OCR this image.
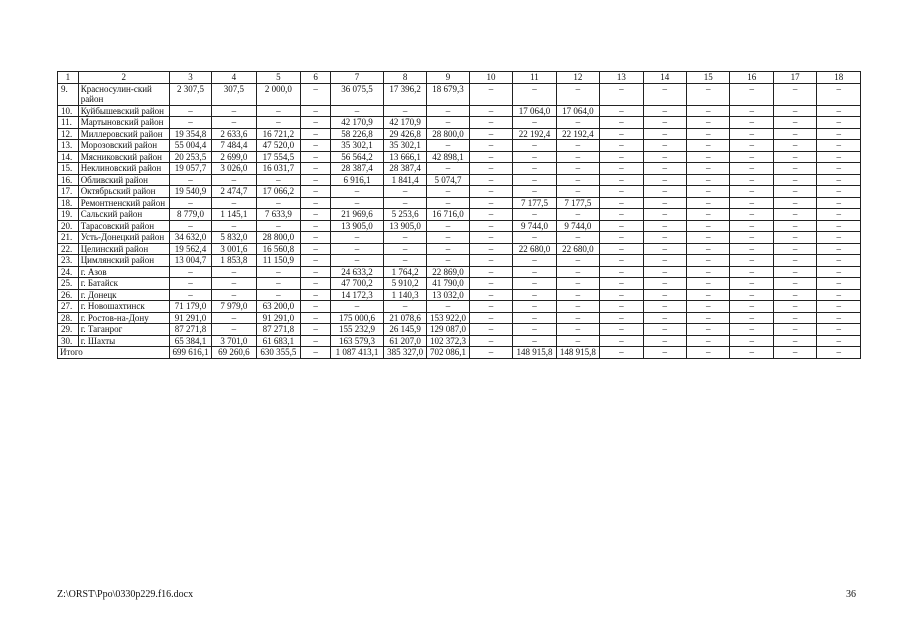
1	2	3	4	5	6	7	8	9	10	11	12	13	14	15	16	17	18
9.	Красносулин-ский район	2 307,5	307,5	2 000,0	–	36 075,5	17 396,2	18 679,3	–	–	–	–	–	–	–	–	–
10.	Куйбышевский район	–	–	–	–	–	–	–	–	17 064,0	17 064,0	–	–	–	–	–	–
11.	Мартыновский район	–	–	–	–	42 170,9	42 170,9	–	–	–	–	–	–	–	–	–	–
12.	Миллеровский район	19 354,8	2 633,6	16 721,2	–	58 226,8	29 426,8	28 800,0	–	22 192,4	22 192,4	–	–	–	–	–	–
13.	Морозовский район	55 004,4	7 484,4	47 520,0	–	35 302,1	35 302,1	–	–	–	–	–	–	–	–	–	–
14.	Мясниковский район	20 253,5	2 699,0	17 554,5	–	56 564,2	13 666,1	42 898,1	–	–	–	–	–	–	–	–	–
15.	Неклиновский район	19 057,7	3 026,0	16 031,7	–	28 387,4	28 387,4	–	–	–	–	–	–	–	–	–	–
16.	Обливский район	–	–	–	–	6 916,1	1 841,4	5 074,7	–	–	–	–	–	–	–	–	–
17.	Октябрьский район	19 540,9	2 474,7	17 066,2	–	–	–	–	–	–	–	–	–	–	–	–	–
18.	Ремонтненский район	–	–	–	–	–	–	–	–	7 177,5	7 177,5	–	–	–	–	–	–
19.	Сальский район	8 779,0	1 145,1	7 633,9	–	21 969,6	5 253,6	16 716,0	–	–	–	–	–	–	–	–	–
20.	Тарасовский район	–	–	–	–	13 905,0	13 905,0	–	–	9 744,0	9 744,0	–	–	–	–	–	–
21.	Усть-Донецкий район	34 632,0	5 832,0	28 800,0	–	–	–	–	–	–	–	–	–	–	–	–	–
22.	Целинский район	19 562,4	3 001,6	16 560,8	–	–	–	–	–	22 680,0	22 680,0	–	–	–	–	–	–
23.	Цимлянский район	13 004,7	1 853,8	11 150,9	–	–	–	–	–	–	–	–	–	–	–	–	–
24.	г. Азов	–	–	–	–	24 633,2	1 764,2	22 869,0	–	–	–	–	–	–	–	–	–
25.	г. Батайск	–	–	–	–	47 700,2	5 910,2	41 790,0	–	–	–	–	–	–	–	–	–
26.	г. Донецк	–	–	–	–	14 172,3	1 140,3	13 032,0	–	–	–	–	–	–	–	–	–
27.	г. Новошахтинск	71 179,0	7 979,0	63 200,0	–	–	–	–	–	–	–	–	–	–	–	–	–
28.	г. Ростов-на-Дону	91 291,0	–	91 291,0	–	175 000,6	21 078,6	153 922,0	–	–	–	–	–	–	–	–	–
29.	г. Таганрог	87 271,8	–	87 271,8	–	155 232,9	26 145,9	129 087,0	–	–	–	–	–	–	–	–	–
30.	г. Шахты	65 384,1	3 701,0	61 683,1	–	163 579,3	61 207,0	102 372,3	–	–	–	–	–	–	–	–	–
Итого		699 616,1	69 260,6	630 355,5	–	1 087 413,1	385 327,0	702 086,1	–	148 915,8	148 915,8	–	–	–	–	–	–
Z:\ORST\Ppo\0330p229.f16.docx	36
